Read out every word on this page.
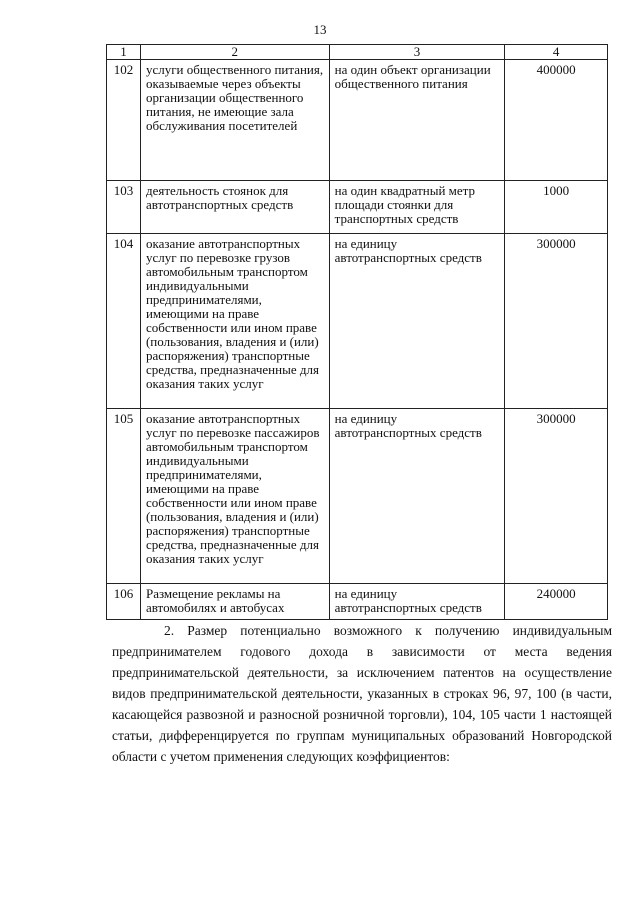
13
1	2	3	4
102	услуги общественного питания, оказываемые через объекты организации общественного питания, не имеющие зала обслуживания посетителей	на один объект организации общественного питания	400000
103	деятельность стоянок для автотранспортных средств	на один квадратный метр площади стоянки для транспортных средств	1000
104	оказание автотранспортных услуг по перевозке грузов автомобильным транспортом индивидуальными предпринимателями, имеющими на праве собственности или ином праве (пользования, владения и (или) распоряжения) транспортные средства, предназначенные для оказания таких услуг	на единицу автотранспортных средств	300000
105	оказание автотранспортных услуг по перевозке пассажиров автомобильным транспортом индивидуальными предпринимателями, имеющими на праве собственности или ином праве (пользования, владения и (или) распоряжения) транспортные средства, предназначенные для оказания таких услуг	на единицу автотранспортных средств	300000
106	Размещение рекламы на автомобилях и автобусах	на единицу автотранспортных средств	240000

2. Размер потенциально возможного к получению индивидуальным предпринимателем годового дохода в зависимости от места ведения предпринимательской деятельности, за исключением патентов на осуществление видов предпринимательской деятельности, указанных в строках 96, 97, 100 (в части, касающейся развозной и разносной розничной торговли), 104, 105 части 1 настоящей статьи, дифференцируется по группам муниципальных образований Новгородской области с учетом применения следующих коэффициентов:
